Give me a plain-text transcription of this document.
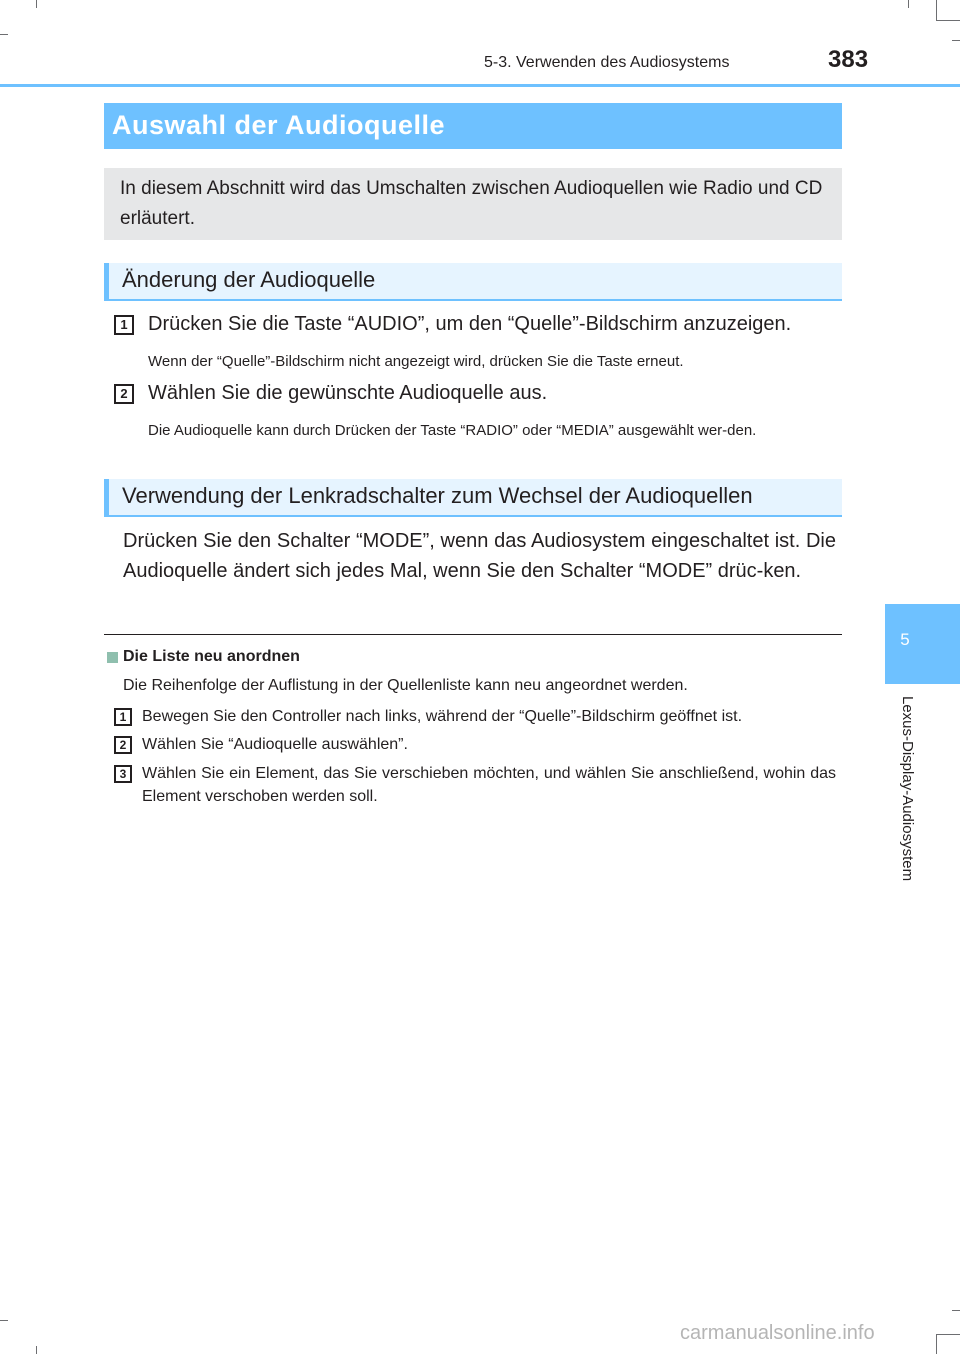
5-3. Verwenden des Audiosystems	383
5
Lexus-Display-Audiosystem
Auswahl der Audioquelle
In diesem Abschnitt wird das Umschalten zwischen Audioquellen wie Radio und CD erläutert.
Änderung der Audioquelle
1	Drücken Sie die Taste “AUDIO”, um den “Quelle”-Bildschirm anzuzeigen.
Wenn der “Quelle”-Bildschirm nicht angezeigt wird, drücken Sie die Taste erneut.
2	Wählen Sie die gewünschte Audioquelle aus.
Die Audioquelle kann durch Drücken der Taste “RADIO” oder “MEDIA” ausgewählt wer-den.
Verwendung der Lenkradschalter zum Wechsel der Audioquellen
Drücken Sie den Schalter “MODE”, wenn das Audiosystem eingeschaltet ist. Die Audioquelle ändert sich jedes Mal, wenn Sie den Schalter “MODE” drüc-ken.
Die Liste neu anordnen
Die Reihenfolge der Auflistung in der Quellenliste kann neu angeordnet werden.
1 Bewegen Sie den Controller nach links, während der “Quelle”-Bildschirm geöffnet ist.
2 Wählen Sie “Audioquelle auswählen”.
3 Wählen Sie ein Element, das Sie verschieben möchten, und wählen Sie anschließend, wohin das Element verschoben werden soll.
carmanualsonline.info
